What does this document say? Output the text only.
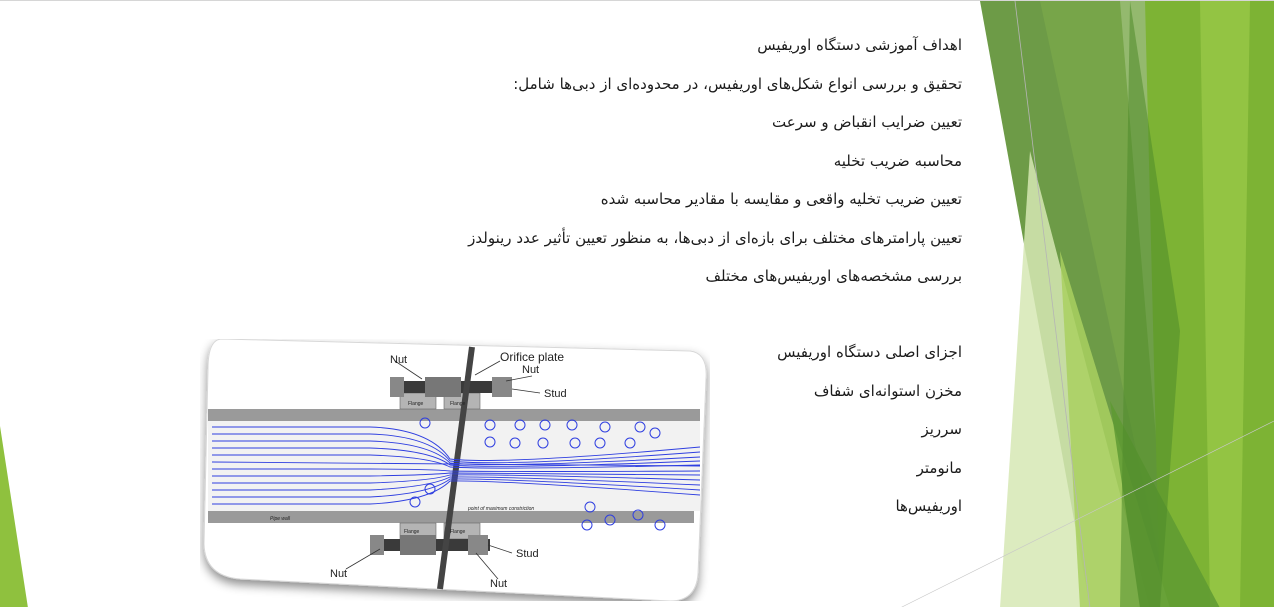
اهداف آموزشی دستگاه اوریفیس

تحقیق و بررسی انواع شکل‌های اوریفیس، در محدوده‌ای از دبی‌ها شامل:

تعیین ضرایب انقباض و سرعت

محاسبه ضریب تخلیه

تعیین ضریب تخلیه واقعی و مقایسه با مقادیر محاسبه شده

تعیین پارامترهای مختلف برای بازه‌ای از دبی‌ها، به منظور تعیین تأثیر عدد رینولدز

بررسی مشخصه‌های اوریفیس‌های مختلف

اجزای اصلی دستگاه اوریفیس

مخزن استوانه‌ای شفاف

سرریز

مانومتر

اوریفیس‌ها

Nut	Orifice plate
Nut
Stud
Flange	Flange
point of maximum constriction
Pipe wall
Flange	Flange
Stud
Nut
Nut
